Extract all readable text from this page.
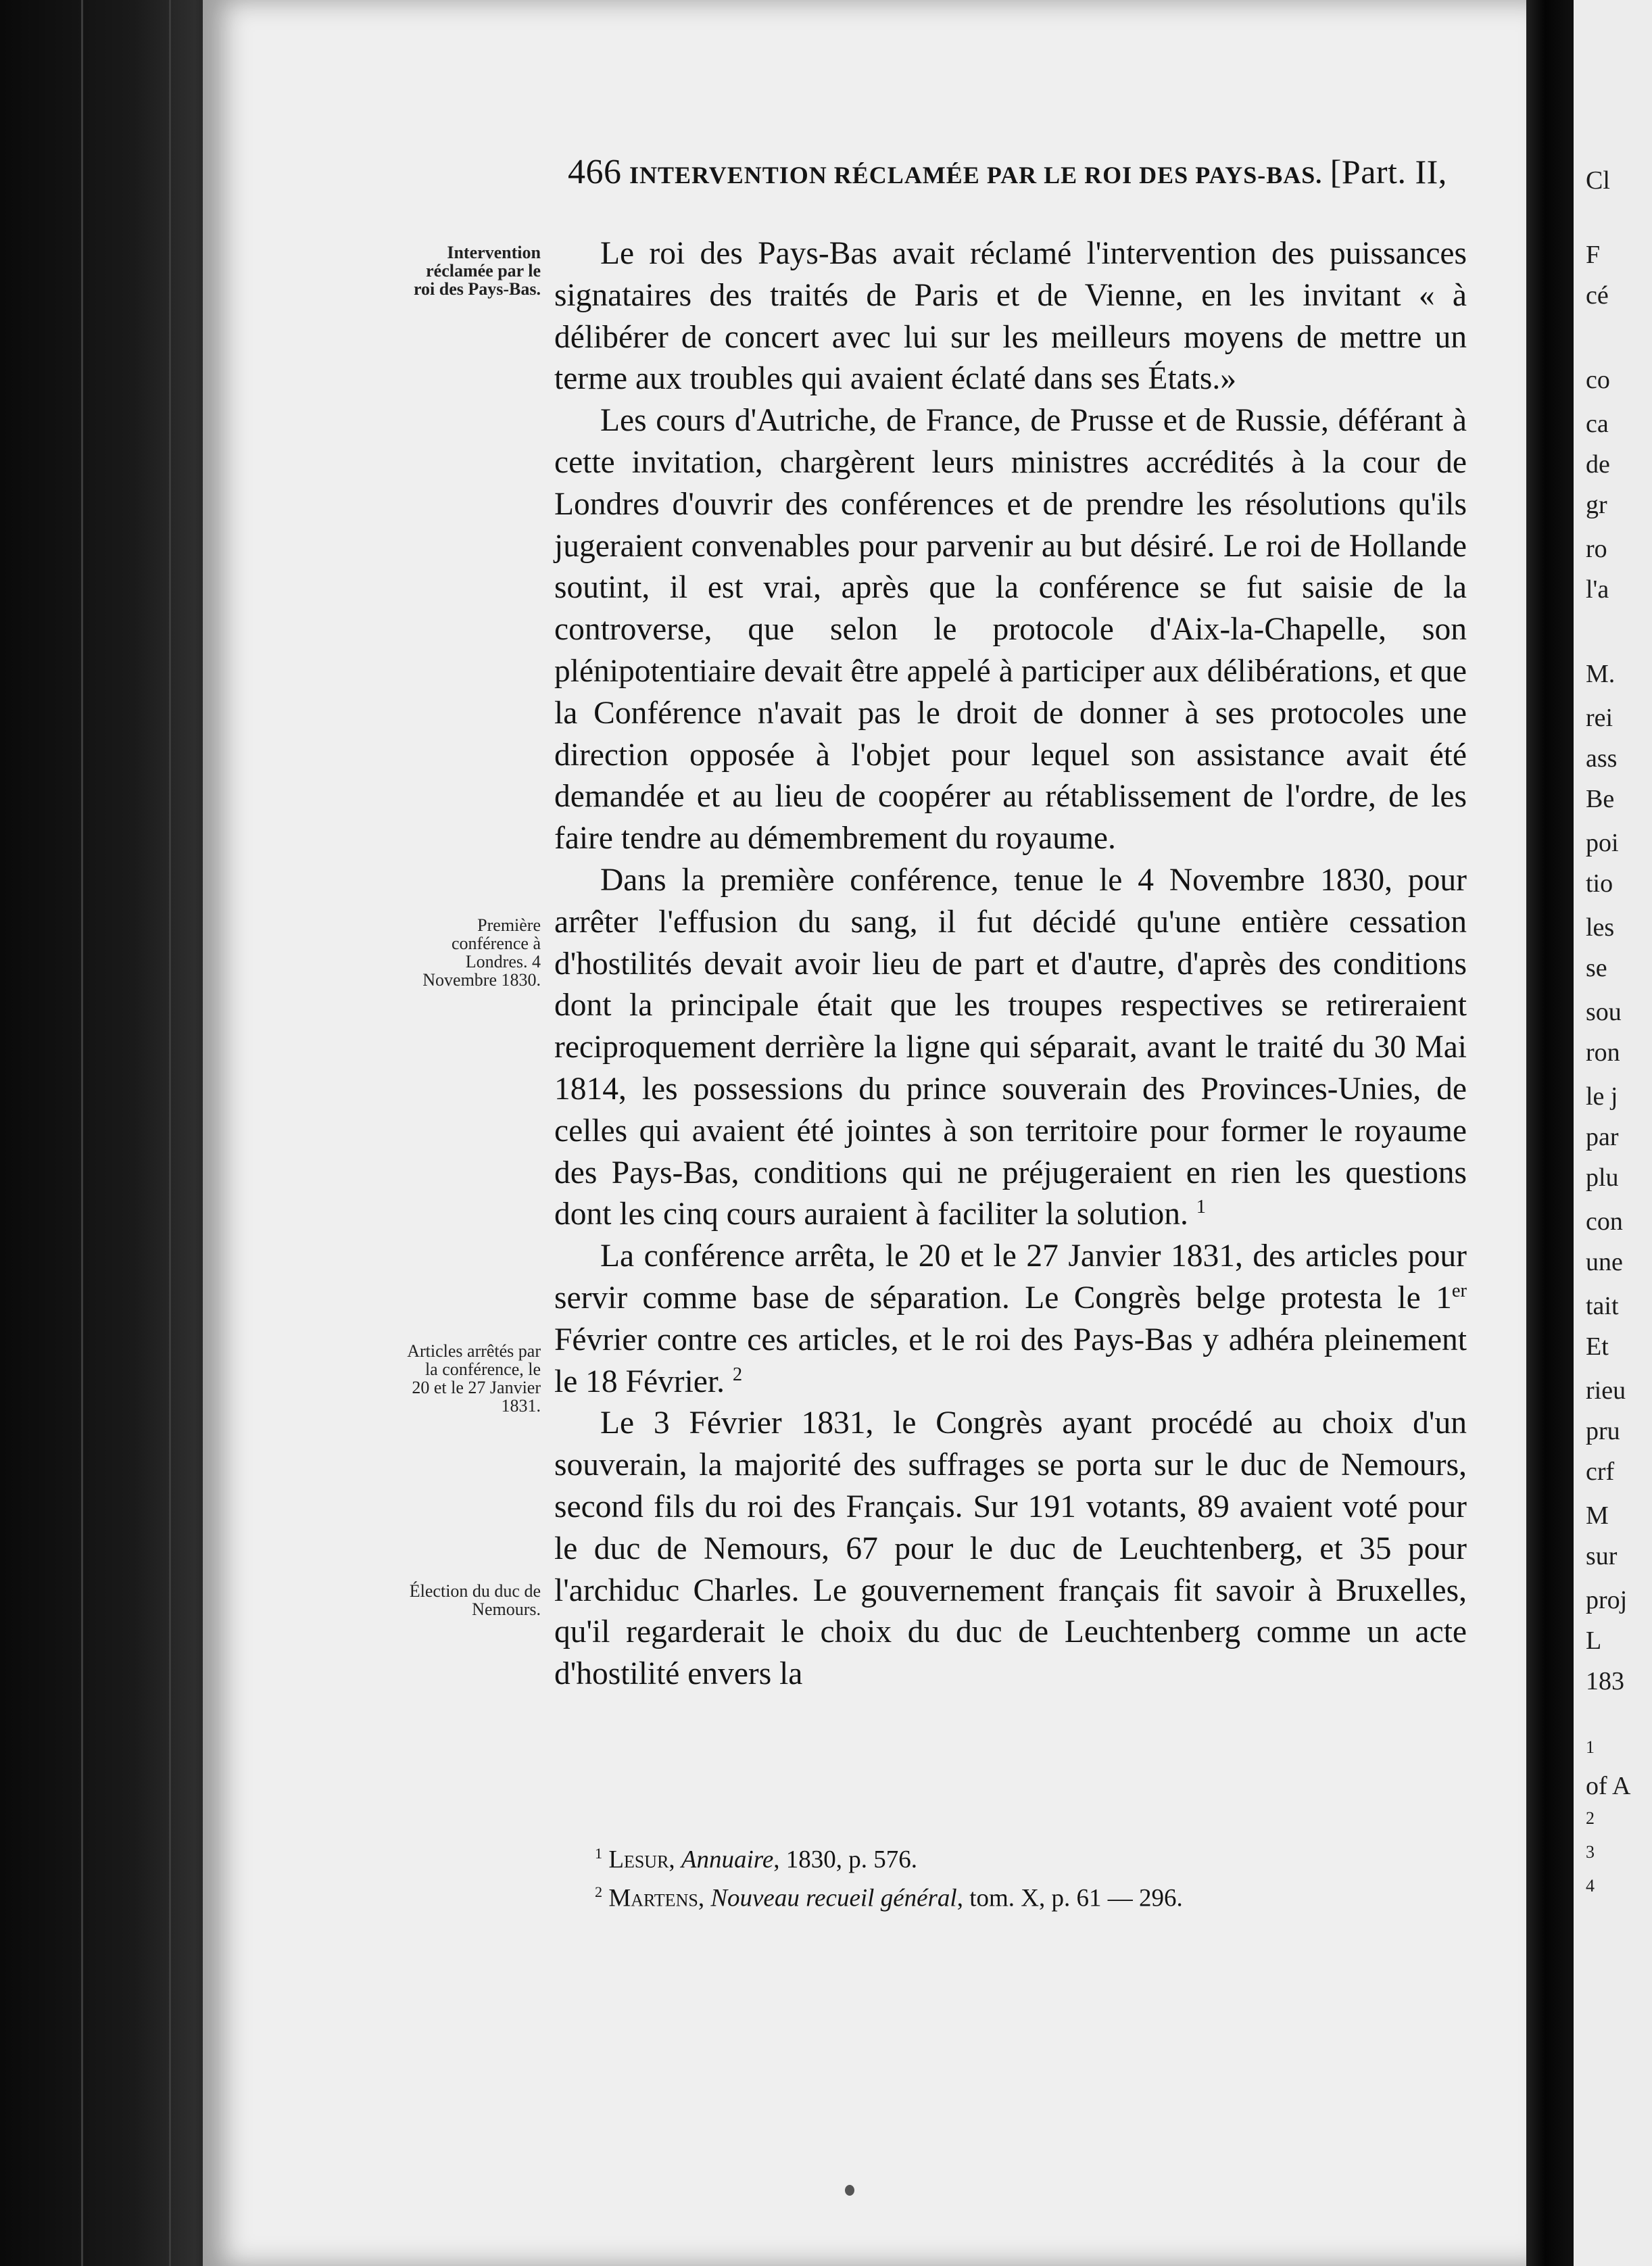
466 INTERVENTION RÉCLAMÉE PAR LE ROI DES PAYS-BAS. [Part. II,
Intervention réclamée par le roi des Pays-Bas.
Première conférence à Londres. 4 Novembre 1830.
Articles arrêtés par la conférence, le 20 et le 27 Janvier 1831.
Élection du duc de Nemours.

Le roi des Pays-Bas avait réclamé l'intervention des puissances signataires des traités de Paris et de Vienne, en les invitant « à délibérer de concert avec lui sur les meilleurs moyens de mettre un terme aux troubles qui avaient éclaté dans ses États.»

Les cours d'Autriche, de France, de Prusse et de Russie, déférant à cette invitation, chargèrent leurs ministres accrédités à la cour de Londres d'ouvrir des conférences et de prendre les résolutions qu'ils jugeraient convenables pour parvenir au but désiré. Le roi de Hollande soutint, il est vrai, après que la conférence se fut saisie de la controverse, que selon le protocole d'Aix-la-Chapelle, son plénipotentiaire devait être appelé à participer aux délibérations, et que la Conférence n'avait pas le droit de donner à ses protocoles une direction opposée à l'objet pour lequel son assistance avait été demandée et au lieu de coopérer au rétablissement de l'ordre, de les faire tendre au démembrement du royaume.

Dans la première conférence, tenue le 4 Novembre 1830, pour arrêter l'effusion du sang, il fut décidé qu'une entière cessation d'hostilités devait avoir lieu de part et d'autre, d'après des conditions dont la principale était que les troupes respectives se retireraient reciproquement derrière la ligne qui séparait, avant le traité du 30 Mai 1814, les possessions du prince souverain des Provinces-Unies, de celles qui avaient été jointes à son territoire pour former le royaume des Pays-Bas, conditions qui ne préjugeraient en rien les questions dont les cinq cours auraient à faciliter la solution. $^1$

La conférence arrêta, le 20 et le 27 Janvier 1831, des articles pour servir comme base de séparation. Le Congrès belge protesta le 1er Février contre ces articles, et le roi des Pays-Bas y adhéra pleinement le 18 Février. $^2$

Le 3 Février 1831, le Congrès ayant procédé au choix d'un souverain, la majorité des suffrages se porta sur le duc de Nemours, second fils du roi des Français. Sur 191 votants, 89 avaient voté pour le duc de Nemours, 67 pour le duc de Leuchtenberg, et 35 pour l'archiduc Charles. Le gouvernement français fit savoir à Bruxelles, qu'il regarderait le choix du duc de Leuchtenberg comme un acte d'hostilité envers la

$^1$ Lesur, Annuaire, 1830, p. 576.
$^2$ Martens, Nouveau recueil général, tom. X, p. 61 — 296.
Cl
F
cé
co
ca
de
gr
ro
l'a
M.
rei
ass
Be
poi
tio
les
se
sou
ron
le j
par
plu
con
une
tait
Et
rieu
pru
crf
M
sur
proj
L
183
1
of A
2
3
4
